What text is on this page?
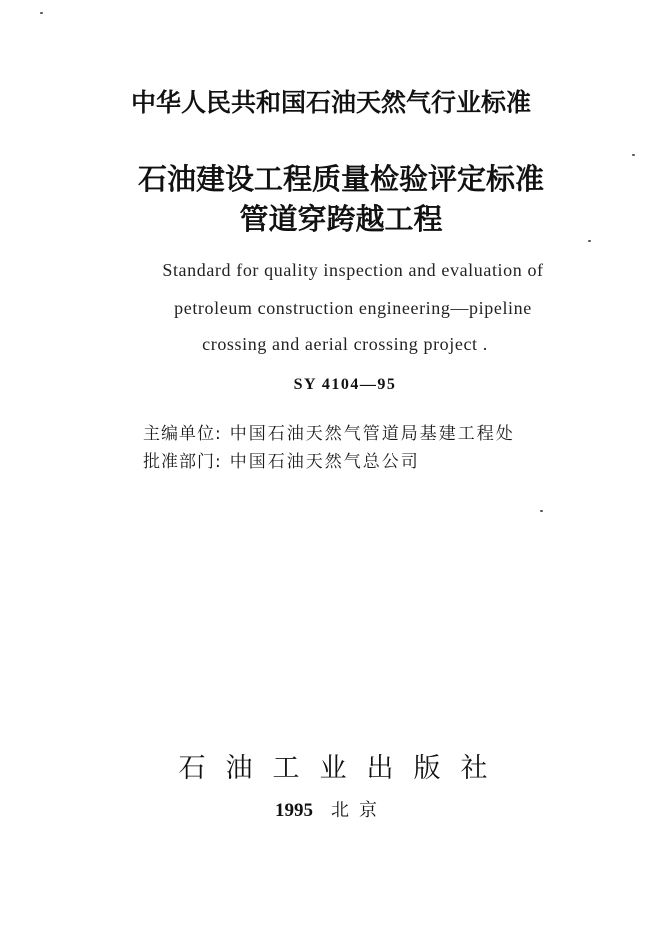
中华人民共和国石油天然气行业标准
石油建设工程质量检验评定标准
管道穿跨越工程
Standard for quality inspection and evaluation of
petroleum construction engineering—pipeline
crossing and aerial crossing project .
SY 4104—95
主编单位: 中国石油天然气管道局基建工程处
批准部门: 中国石油天然气总公司
石油工业出版社
1995 北京
